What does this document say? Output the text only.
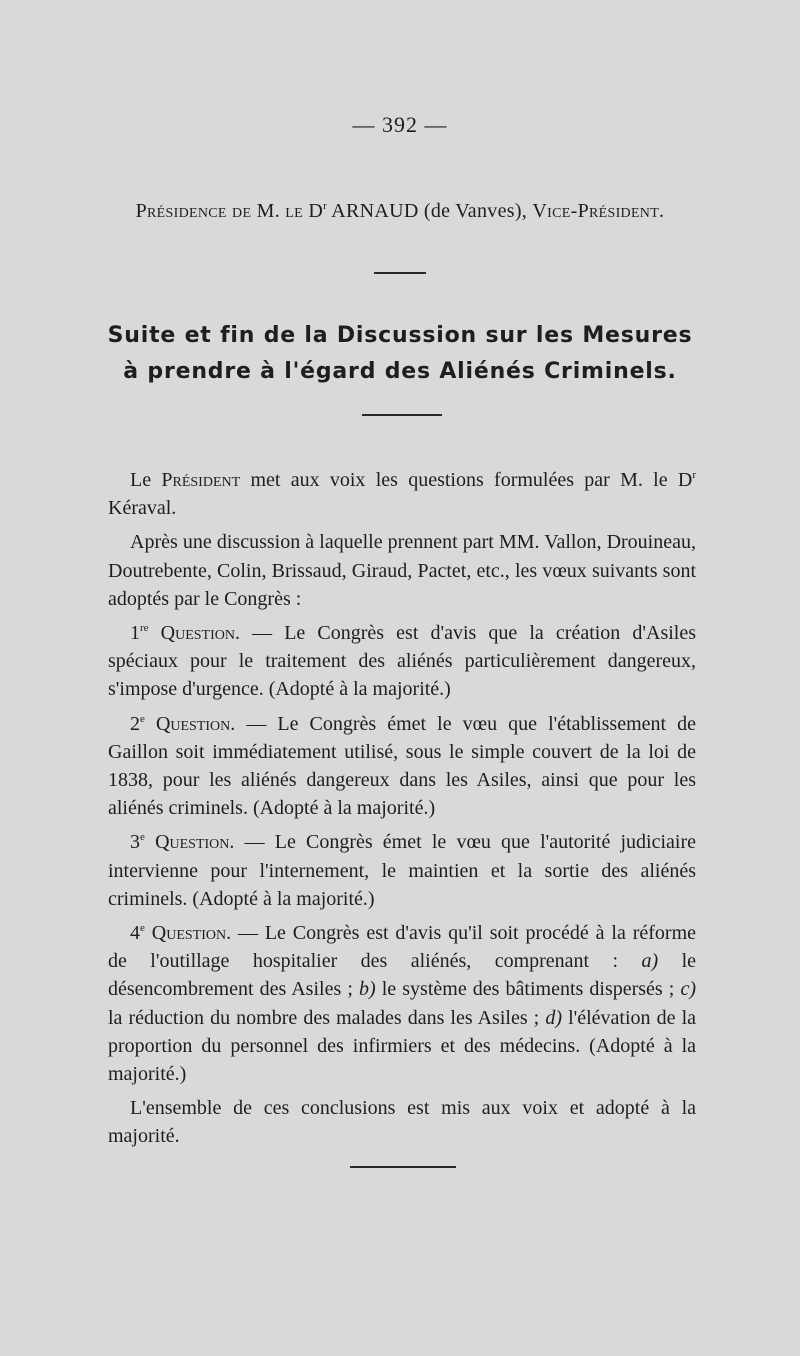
— 392 —
Présidence de M. le $D^r$ ARNAUD (de Vanves), Vice-Président.
Suite et fin de la Discussion sur les Mesures
à prendre à l'égard des Aliénés Criminels.

Le Président met aux voix les questions formulées par M. le $D^r$ Kéraval.

Après une discussion à laquelle prennent part MM. Vallon, Drouineau, Doutrebente, Colin, Brissaud, Giraud, Pactet, etc., les vœux suivants sont adoptés par le Congrès :

1re Question. — Le Congrès est d'avis que la création d'Asiles spéciaux pour le traitement des aliénés particulièrement dangereux, s'impose d'urgence. (Adopté à la majorité.)

2e Question. — Le Congrès émet le vœu que l'établissement de Gaillon soit immédiatement utilisé, sous le simple couvert de la loi de 1838, pour les aliénés dangereux dans les Asiles, ainsi que pour les aliénés criminels. (Adopté à la majorité.)

3e Question. — Le Congrès émet le vœu que l'autorité judiciaire intervienne pour l'internement, le maintien et la sortie des aliénés criminels. (Adopté à la majorité.)

4e Question. — Le Congrès est d'avis qu'il soit procédé à la réforme de l'outillage hospitalier des aliénés, comprenant : a) le désencombrement des Asiles ; b) le système des bâtiments dispersés ; c) la réduction du nombre des malades dans les Asiles ; d) l'élévation de la proportion du personnel des infirmiers et des médecins. (Adopté à la majorité.)

L'ensemble de ces conclusions est mis aux voix et adopté à la majorité.
